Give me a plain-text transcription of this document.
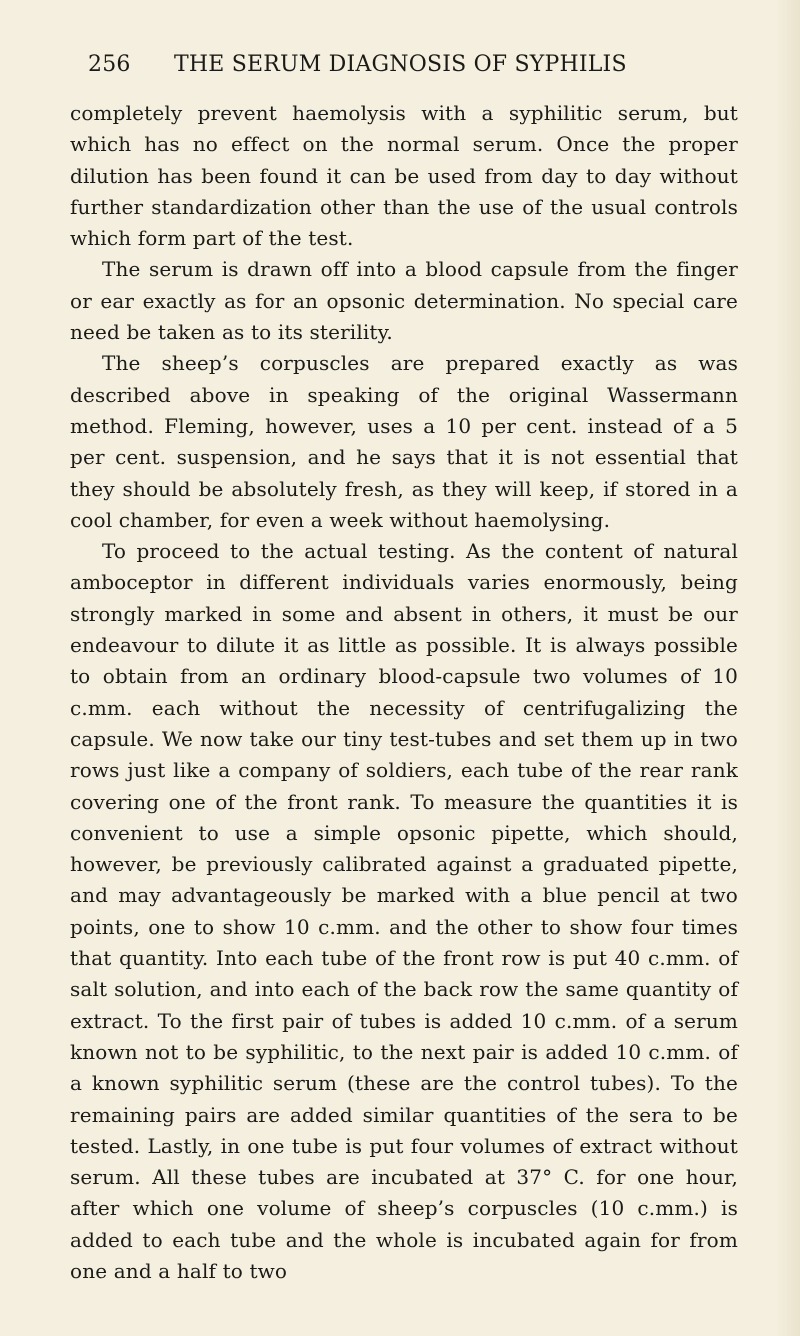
256	THE SERUM DIAGNOSIS OF SYPHILIS

completely prevent haemolysis with a syphilitic serum, but which has no effect on the normal serum. Once the proper dilution has been found it can be used from day to day without further standardization other than the use of the usual controls which form part of the test.

The serum is drawn off into a blood capsule from the finger or ear exactly as for an opsonic determination. No special care need be taken as to its sterility.

The sheep’s corpuscles are prepared exactly as was described above in speaking of the original Wassermann method. Fleming, however, uses a 10 per cent. instead of a 5 per cent. suspension, and he says that it is not essential that they should be absolutely fresh, as they will keep, if stored in a cool chamber, for even a week without haemolysing.

To proceed to the actual testing. As the content of natural amboceptor in different individuals varies enormously, being strongly marked in some and absent in others, it must be our endeavour to dilute it as little as possible. It is always possible to obtain from an ordinary blood-capsule two volumes of 10 c.mm. each without the necessity of centrifugalizing the capsule. We now take our tiny test-tubes and set them up in two rows just like a company of soldiers, each tube of the rear rank covering one of the front rank. To measure the quantities it is convenient to use a simple opsonic pipette, which should, however, be previously calibrated against a graduated pipette, and may advantageously be marked with a blue pencil at two points, one to show 10 c.mm. and the other to show four times that quantity. Into each tube of the front row is put 40 c.mm. of salt solution, and into each of the back row the same quantity of extract. To the first pair of tubes is added 10 c.mm. of a serum known not to be syphilitic, to the next pair is added 10 c.mm. of a known syphilitic serum (these are the control tubes). To the remaining pairs are added similar quantities of the sera to be tested. Lastly, in one tube is put four volumes of extract without serum. All these tubes are incubated at 37° C. for one hour, after which one volume of sheep’s corpuscles (10 c.mm.) is added to each tube and the whole is incubated again for from one and a half to two
